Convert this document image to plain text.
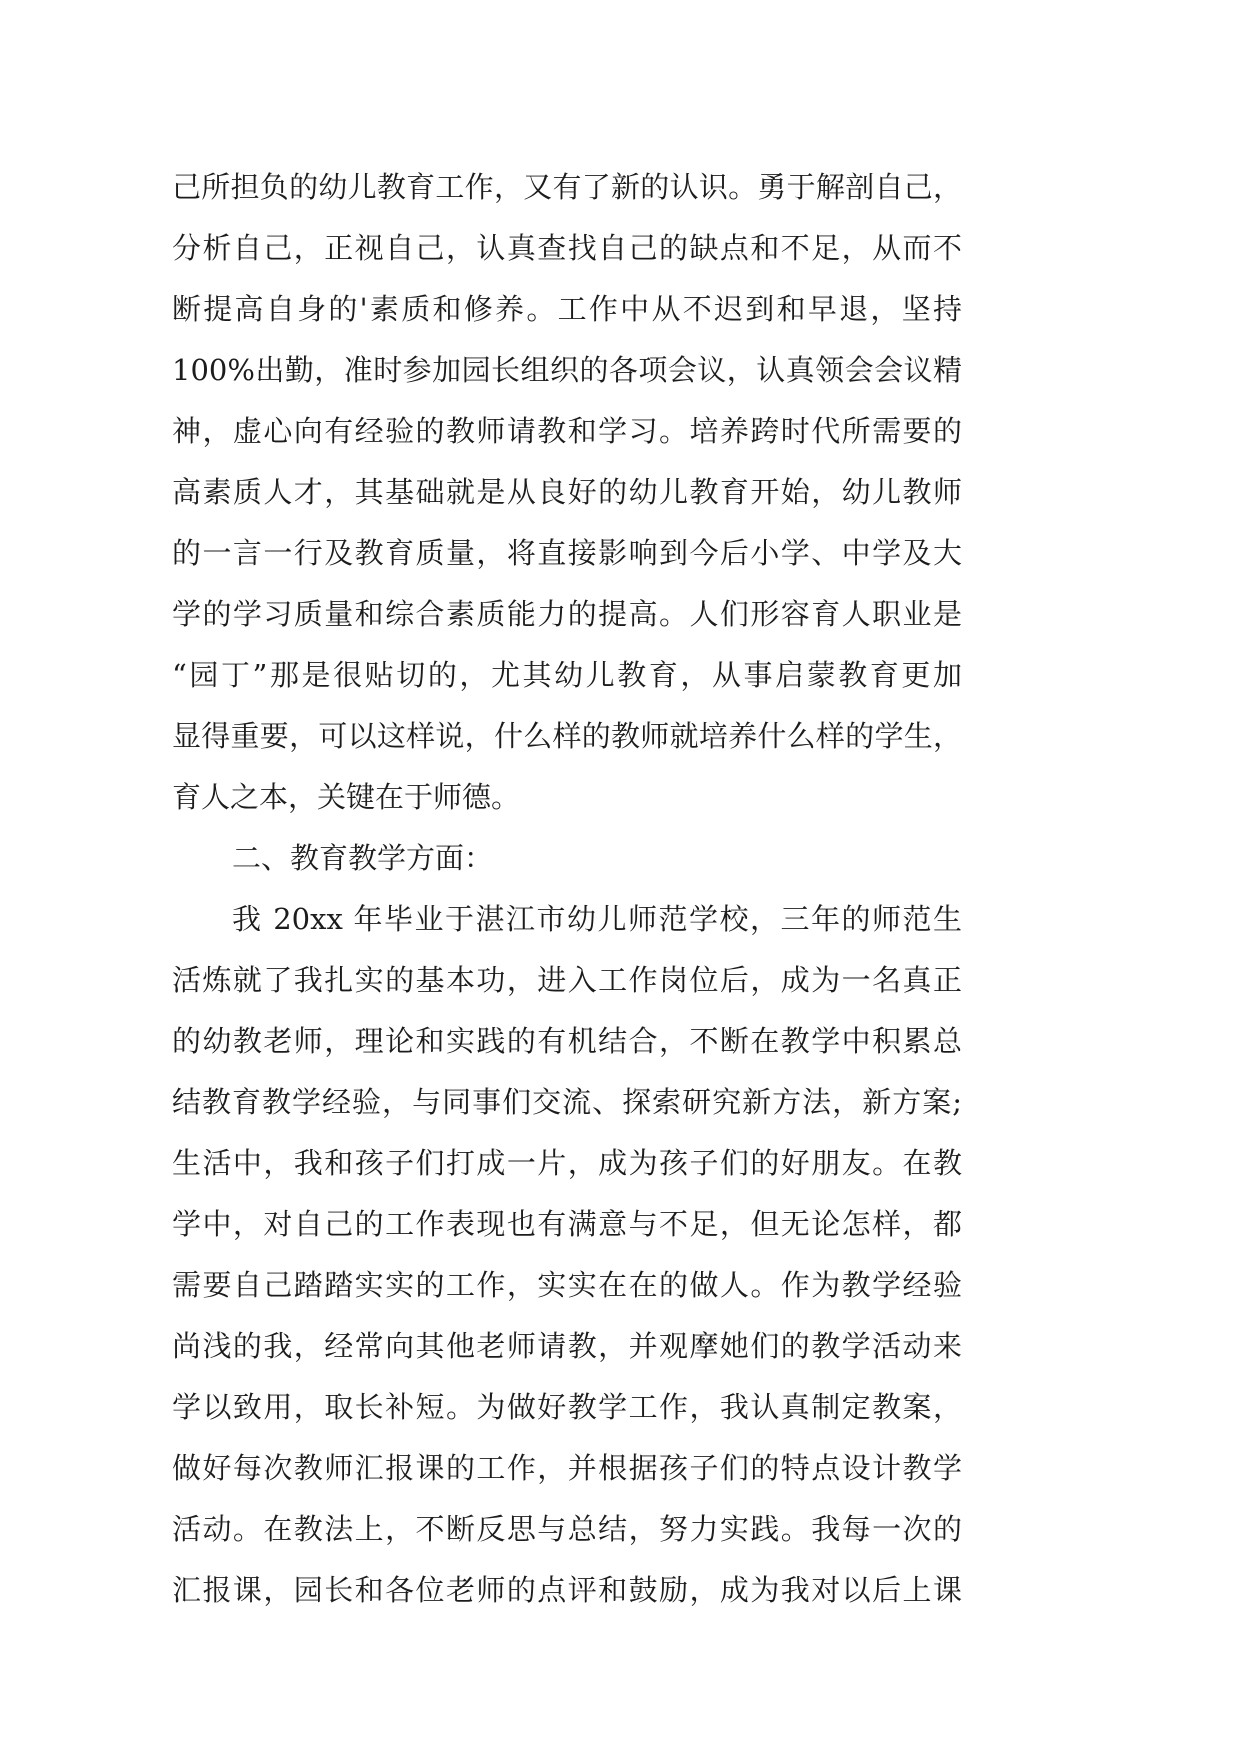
己所担负的幼儿教育工作，又有了新的认识。勇于解剖自己，
分析自己，正视自己，认真查找自己的缺点和不足，从而不
断提高自身的'素质和修养。工作中从不迟到和早退，坚持
100%出勤，准时参加园长组织的各项会议，认真领会会议精
神，虚心向有经验的教师请教和学习。培养跨时代所需要的
高素质人才，其基础就是从良好的幼儿教育开始，幼儿教师
的一言一行及教育质量，将直接影响到今后小学、中学及大
学的学习质量和综合素质能力的提高。人们形容育人职业是
“园丁”那是很贴切的，尤其幼儿教育，从事启蒙教育更加
显得重要，可以这样说，什么样的教师就培养什么样的学生，
育人之本，关键在于师德。
二、教育教学方面：
我 20xx 年毕业于湛江市幼儿师范学校，三年的师范生
活炼就了我扎实的基本功，进入工作岗位后，成为一名真正
的幼教老师，理论和实践的有机结合，不断在教学中积累总
结教育教学经验，与同事们交流、探索研究新方法，新方案;
生活中，我和孩子们打成一片，成为孩子们的好朋友。在教
学中，对自己的工作表现也有满意与不足，但无论怎样，都
需要自己踏踏实实的工作，实实在在的做人。作为教学经验
尚浅的我，经常向其他老师请教，并观摩她们的教学活动来
学以致用，取长补短。为做好教学工作，我认真制定教案，
做好每次教师汇报课的工作，并根据孩子们的特点设计教学
活动。在教法上，不断反思与总结，努力实践。我每一次的
汇报课，园长和各位老师的点评和鼓励，成为我对以后上课
